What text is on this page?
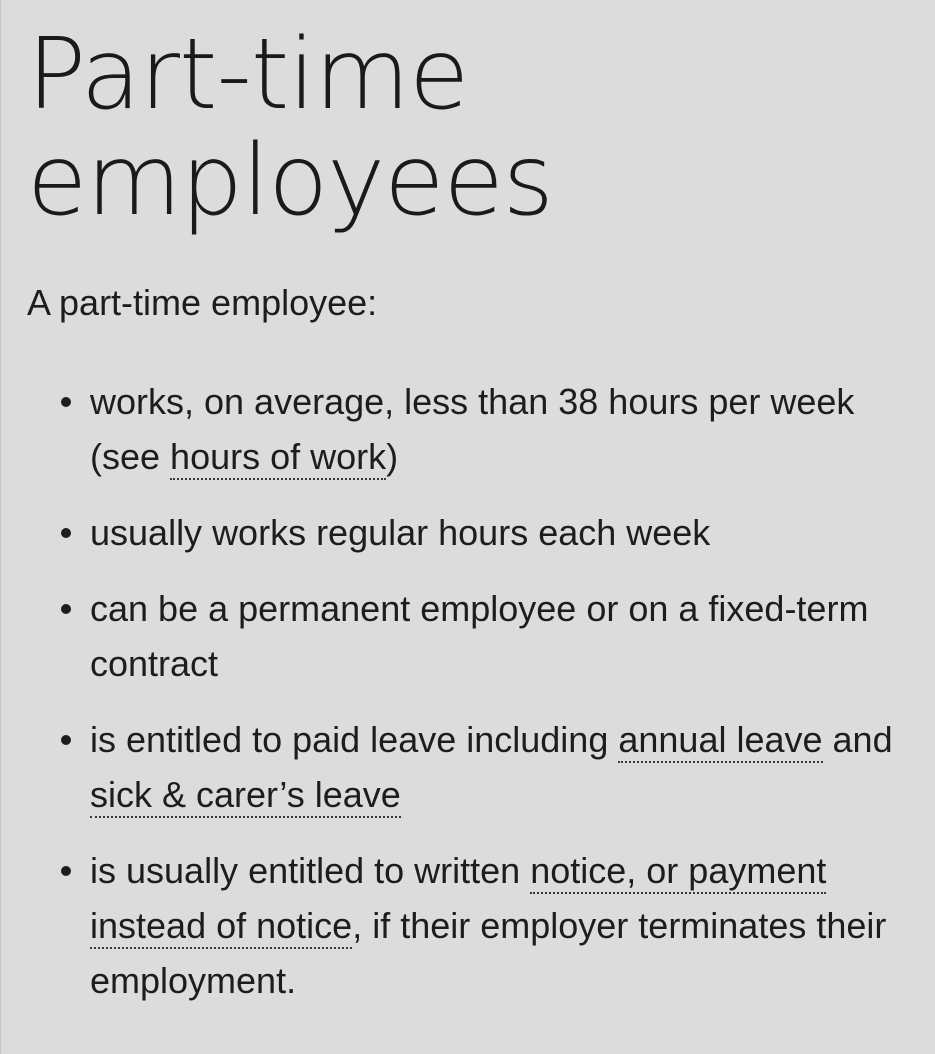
Part-time
employees

A part-time employee:

works, on average, less than 38 hours per week (see hours of work)
usually works regular hours each week
can be a permanent employee or on a fixed-term contract
is entitled to paid leave including annual leave and sick & carer’s leave
is usually entitled to written notice, or payment instead of notice, if their employer terminates their employment.
